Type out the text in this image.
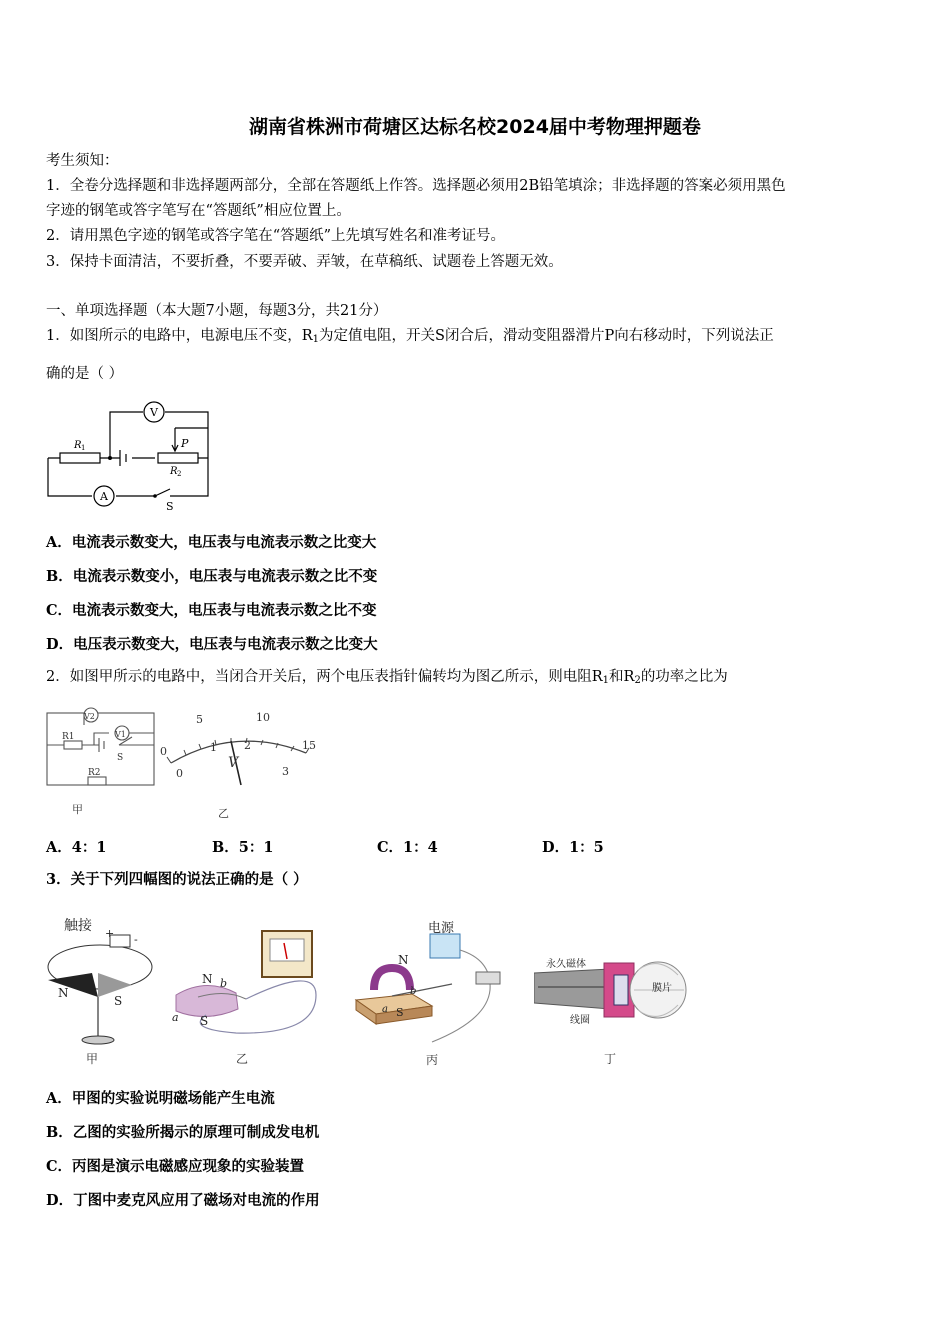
湖南省株洲市荷塘区达标名校2024届中考物理押题卷
考生须知：
1．全卷分选择题和非选择题两部分，全部在答题纸上作答。选择题必须用2B铅笔填涂；非选择题的答案必须用黑色
字迹的钢笔或答字笔写在“答题纸”相应位置上。
2．请用黑色字迹的钢笔或答字笔在“答题纸”上先填写姓名和准考证号。
3．保持卡面清洁，不要折叠，不要弄破、弄皱，在草稿纸、试题卷上答题无效。
一、单项选择题（本大题7小题，每题3分，共21分）
1．如图所示的电路中，电源电压不变，$R_1$为定值电阻，开关S闭合后，滑动变阻器滑片P向右移动时，下列说法正
确的是（ ）
V
A
R 1
R 2
P
S
A．电流表示数变大，电压表与电流表示数之比变大
B．电流表示数变小，电压表与电流表示数之比不变
C．电流表示数变大，电压表与电流表示数之比不变
D．电压表示数变大，电压表与电流表示数之比变大
2．如图甲所示的电路中，当闭合开关后，两个电压表指针偏转均为图乙所示，则电阻$R_1$和$R_2$的功率之比为
V2
V1
R1
R2
S
甲
5	10
15
0
0
1 2
3
V
乙
A．4：1	B．5：1	C．1：4	D．1：5
3．关于下列四幅图的说法正确的是（ ）
触接 + -
N
S
甲
N
S
b
a
乙
电源
N
S
a
b
丙
永久磁体
膜片
线圈
丁
A．甲图的实验说明磁场能产生电流
B．乙图的实验所揭示的原理可制成发电机
C．丙图是演示电磁感应现象的实验装置
D．丁图中麦克风应用了磁场对电流的作用
